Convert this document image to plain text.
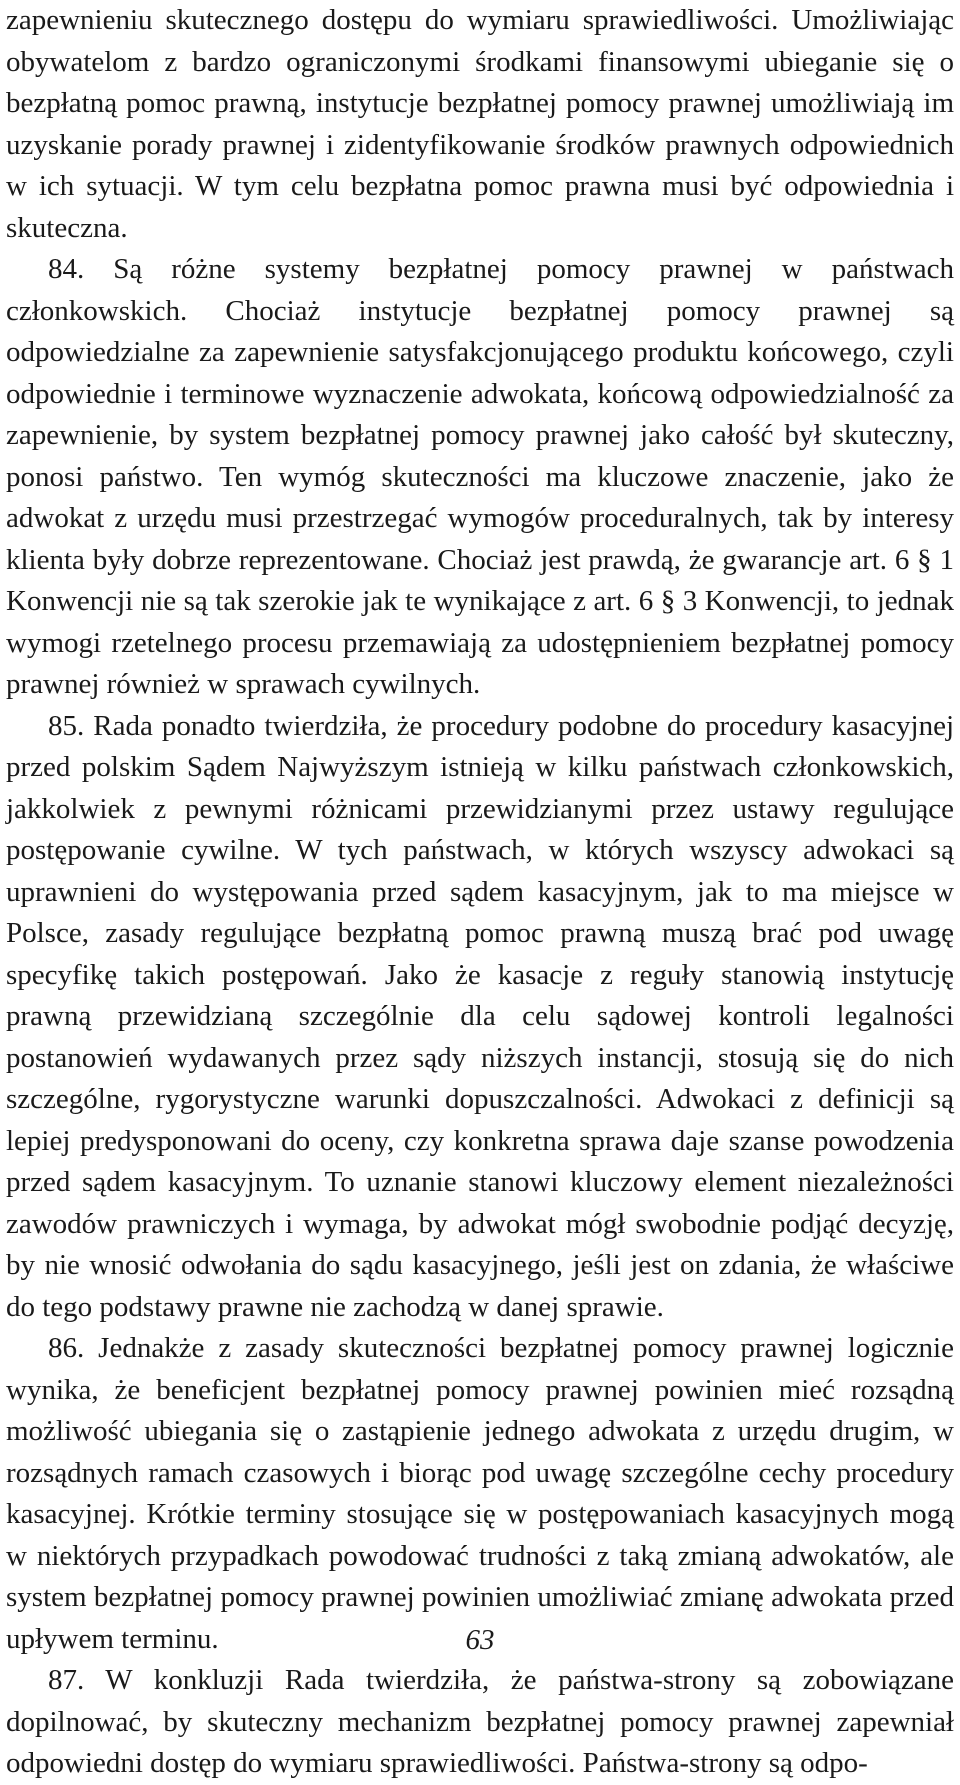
zapewnieniu skutecznego dostępu do wymiaru sprawiedliwości. Umożliwiając obywatelom z bardzo ograniczonymi środkami finansowymi ubieganie się o bezpłatną pomoc prawną, instytucje bezpłatnej pomocy prawnej umożliwiają im uzyskanie porady prawnej i zidentyfikowanie środków prawnych odpowiednich w ich sytuacji. W tym celu bezpłatna pomoc prawna musi być odpowiednia i skuteczna.

84. Są różne systemy bezpłatnej pomocy prawnej w państwach członkowskich. Chociaż instytucje bezpłatnej pomocy prawnej są odpowiedzialne za zapewnienie satysfakcjonującego produktu końcowego, czyli odpowiednie i terminowe wyznaczenie adwokata, końcową odpowiedzialność za zapewnienie, by system bezpłatnej pomocy prawnej jako całość był skuteczny, ponosi państwo. Ten wymóg skuteczności ma kluczowe znaczenie, jako że adwokat z urzędu musi przestrzegać wymogów proceduralnych, tak by interesy klienta były dobrze reprezentowane. Chociaż jest prawdą, że gwarancje art. 6 § 1 Konwencji nie są tak szerokie jak te wynikające z art. 6 § 3 Konwencji, to jednak wymogi rzetelnego procesu przemawiają za udostępnieniem bezpłatnej pomocy prawnej również w sprawach cywilnych.

85. Rada ponadto twierdziła, że procedury podobne do procedury kasacyjnej przed polskim Sądem Najwyższym istnieją w kilku państwach członkowskich, jakkolwiek z pewnymi różnicami przewidzianymi przez ustawy regulujące postępowanie cywilne. W tych państwach, w których wszyscy adwokaci są uprawnieni do występowania przed sądem kasacyjnym, jak to ma miejsce w Polsce, zasady regulujące bezpłatną pomoc prawną muszą brać pod uwagę specyfikę takich postępowań. Jako że kasacje z reguły stanowią instytucję prawną przewidzianą szczególnie dla celu sądowej kontroli legalności postanowień wydawanych przez sądy niższych instancji, stosują się do nich szczególne, rygorystyczne warunki dopuszczalności. Adwokaci z definicji są lepiej predysponowani do oceny, czy konkretna sprawa daje szanse powodzenia przed sądem kasacyjnym. To uznanie stanowi kluczowy element niezależności zawodów prawniczych i wymaga, by adwokat mógł swobodnie podjąć decyzję, by nie wnosić odwołania do sądu kasacyjnego, jeśli jest on zdania, że właściwe do tego podstawy prawne nie zachodzą w danej sprawie.

86. Jednakże z zasady skuteczności bezpłatnej pomocy prawnej logicznie wynika, że beneficjent bezpłatnej pomocy prawnej powinien mieć rozsądną możliwość ubiegania się o zastąpienie jednego adwokata z urzędu drugim, w rozsądnych ramach czasowych i biorąc pod uwagę szczególne cechy procedury kasacyjnej. Krótkie terminy stosujące się w postępowaniach kasacyjnych mogą w niektórych przypadkach powodować trudności z taką zmianą adwokatów, ale system bezpłatnej pomocy prawnej powinien umożliwiać zmianę adwokata przed upływem terminu.

87. W konkluzji Rada twierdziła, że państwa-strony są zobowiązane dopilnować, by skuteczny mechanizm bezpłatnej pomocy prawnej zapewniał odpowiedni dostęp do wymiaru sprawiedliwości. Państwa-strony są odpo-

63
